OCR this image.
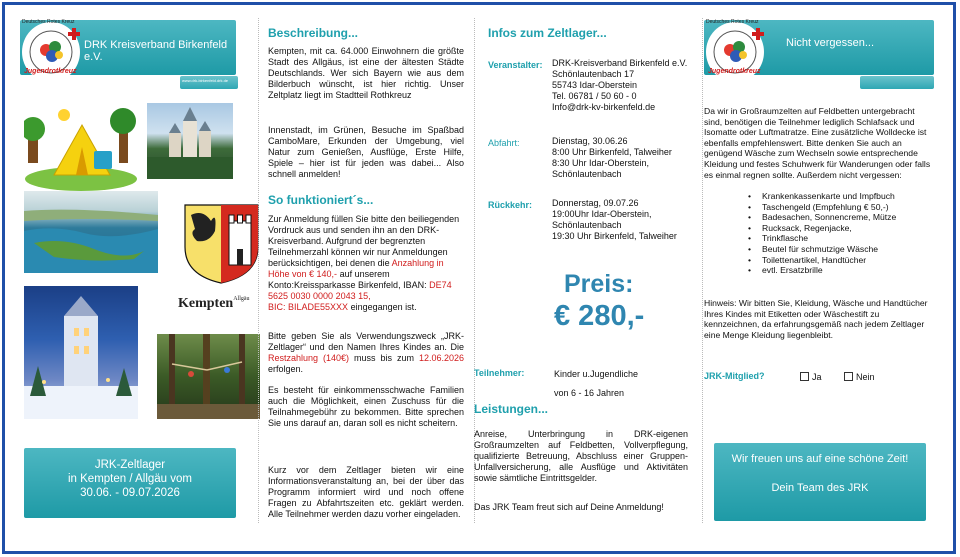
Deutsches Rotes Kreuz
Jugendrotkreuz
DRK Kreisverband Birkenfeld e.V.
www.drk-birkenfeld.drk.de
Kempten$^{Allgäu}$
JRK-Zeltlager
in Kempten / Allgäu vom
30.06. - 09.07.2026
Beschreibung...
Kempten, mit ca. 64.000 Einwohnern die größte Stadt des Allgäus, ist eine der ältesten Städte Deutschlands. Wer sich Bayern wie aus dem Bilderbuch wünscht, ist hier richtig. Unser Zeltplatz liegt im Stadtteil Rothkreuz
Innenstadt, im Grünen, Besuche im Spaßbad CamboMare, Erkunden der Umgebung, viel Natur zum Genießen, Ausflüge, Erste Hilfe, Spiele – hier ist für jeden was dabei... Also schnell anmelden!
So funktioniert´s...
Zur Anmeldung füllen Sie bitte den beiliegenden Vordruck aus und senden ihn an den DRK-Kreisverband. Aufgrund der begrenzten Teilnehmerzahl können wir nur Anmeldungen berücksichtigen, bei denen die Anzahlung in Höhe von € 140,- auf unserem Konto:Kreissparkasse Birkenfeld, IBAN: DE74 5625 0030 0000 2043 15,
BIC: BILADE55XXX eingegangen ist.
Bitte geben Sie als Verwendungszweck „JRK-Zeltlager“ und den Namen Ihres Kindes an. Die Restzahlung (140€) muss bis zum 12.06.2026 erfolgen.
Es besteht für einkommensschwache Familien auch die Möglichkeit, einen Zuschuss für die Teilnahmegebühr zu bekommen. Bitte sprechen Sie uns darauf an, daran soll es nicht scheitern.
Kurz vor dem Zeltlager bieten wir eine Informationsveranstaltung an, bei der über das Programm informiert wird und noch offene Fragen zu Abfahrtszeiten etc. geklärt werden. Alle Teilnehmer werden dazu vorher eingeladen.
Infos zum Zeltlager...
Veranstalter: DRK-Kreisverband Birkenfeld e.V.
Schönlautenbach 17
55743 Idar-Oberstein
Tel. 06781 / 50 60 - 0
Info@drk-kv-birkenfeld.de
Abfahrt:	Dienstag, 30.06.26
8:00 Uhr Birkenfeld, Talweiher
8:30 Uhr Idar-Oberstein,
Schönlautenbach
Rückkehr: Donnerstag, 09.07.26
19:00Uhr Idar-Oberstein,
Schönlautenbach
19:30 Uhr Birkenfeld, Talweiher
Preis:
€ 280,-
Teilnehmer:	Kinder u.Jugendliche
von 6 - 16 Jahren
Leistungen...
Anreise, Unterbringung in DRK-eigenen Großraumzelten auf Feldbetten, Vollverpflegung, qualifizierte Betreuung, Abschluss einer Gruppen-Unfallversicherung, alle Ausflüge und Aktivitäten sowie sämtliche Eintrittsgelder.
Das JRK Team freut sich auf Deine Anmeldung!
Deutsches Rotes Kreuz
Jugendrotkreuz
Nicht vergessen...
Da wir in Großraumzelten auf Feldbetten untergebracht sind, benötigen die Teilnehmer lediglich Schlafsack und Isomatte oder Luftmatratze. Eine zusätzliche Wolldecke ist ebenfalls empfehlenswert. Bitte denken Sie auch an genügend Wäsche zum Wechseln sowie entsprechende Kleidung und festes Schuhwerk für Wanderungen oder falls es einmal regnen sollte. Außerdem nicht vergessen:
• Krankenkassenkarte und Impfbuch
• Taschengeld (Empfehlung € 50,-)
• Badesachen, Sonnencreme, Mütze
• Rucksack, Regenjacke,
• Trinkflasche
• Beutel für schmutzige Wäsche
• Toilettenartikel, Handtücher
• evtl. Ersatzbrille
Hinweis: Wir bitten Sie, Kleidung, Wäsche und Handtücher Ihres Kindes mit Etiketten oder Wäschestift zu kennzeichnen, da erfahrungsgemäß nach jedem Zeltlager eine Menge Kleidung liegenbleibt.
JRK-Mitglied?	Ja	Nein
Wir freuen uns auf eine schöne Zeit!
Dein Team des JRK
